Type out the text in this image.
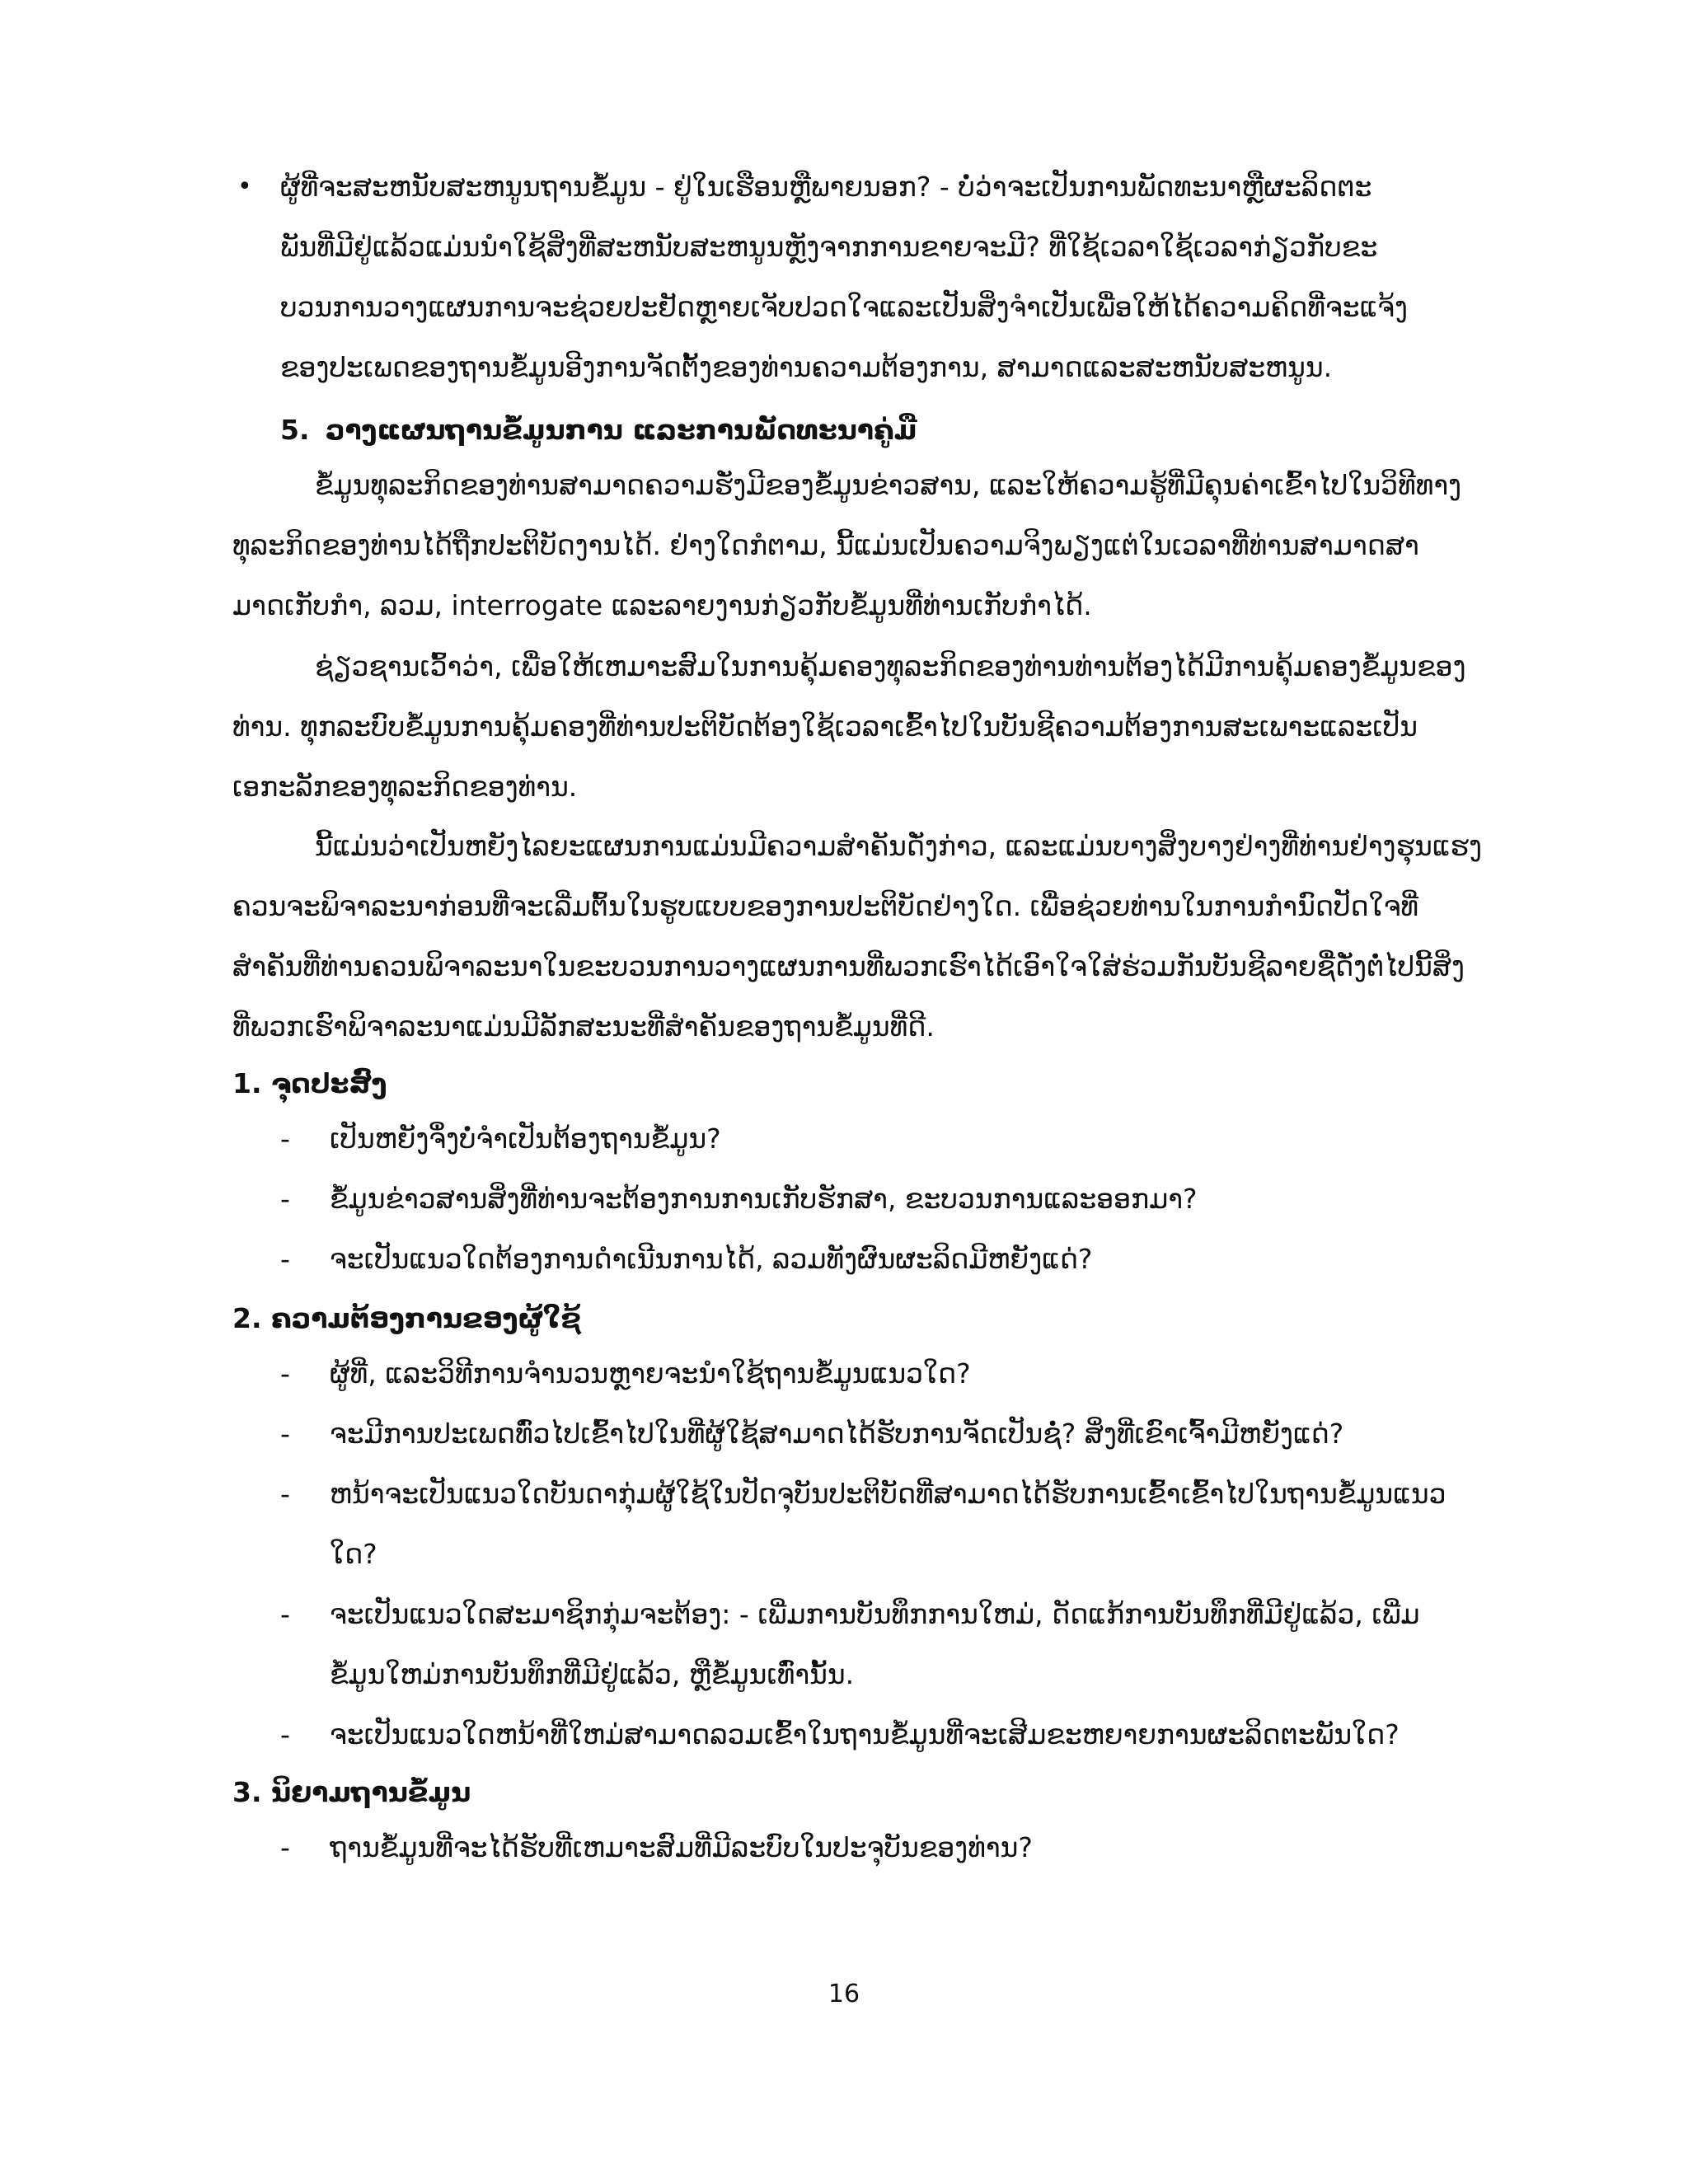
• ຜູ້ທີ່ຈະສະຫນັບສະຫນູນຖານຂໍ້ມູນ - ຢູ່ໃນເຮືອນຫຼືພາຍນອກ? - ບໍ່ວ່າຈະເປັນການພັດທະນາຫຼືຜະລິດຕະ

ພັນທີ່ມີຢູ່ແລ້ວແມ່ນນໍາໃຊ້ສິ່ງທີ່ສະຫນັບສະຫນູນຫຼັງຈາກການຂາຍຈະມີ? ທີ່ໃຊ້ເວລາໃຊ້ເວລາກ່ຽວກັບຂະ

ບວນການວາງແຜນການຈະຊ່ວຍປະຢັດຫຼາຍເຈັບປວດໃຈແລະເປັນສິ່ງຈໍາເປັນເພື່ອໃຫ້ໄດ້ຄວາມຄິດທີ່ຈະແຈ້ງ

ຂອງປະເພດຂອງຖານຂໍ້ມູນອີງການຈັດຕັ້ງຂອງທ່ານຄວາມຕ້ອງການ, ສາມາດແລະສະຫນັບສະຫນູນ.

5. ວາງແຜນຖານຂໍ້ມູນການ ແລະການພັດທະນາຄູ່ມື

ຂໍ້ມູນທຸລະກິດຂອງທ່ານສາມາດຄວາມຮັ່ງມີຂອງຂໍ້ມູນຂ່າວສານ, ແລະໃຫ້ຄວາມຮູ້ທີ່ມີຄຸນຄ່າເຂົ້າໄປໃນວິທີທາງ

ທຸລະກິດຂອງທ່ານໄດ້ຖືກປະຕິບັດງານໄດ້. ຢ່າງໃດກໍຕາມ, ນີ້ແມ່ນເປັນຄວາມຈິງພຽງແຕ່ໃນເວລາທີ່ທ່ານສາມາດສາ

ມາດເກັບກໍາ, ລວມ, interrogate ແລະລາຍງານກ່ຽວກັບຂໍ້ມູນທີ່ທ່ານເກັບກໍາໄດ້.

ຊ່ຽວຊານເວົ້າວ່າ, ເພື່ອໃຫ້ເຫມາະສົມໃນການຄຸ້ມຄອງທຸລະກິດຂອງທ່ານທ່ານຕ້ອງໄດ້ມີການຄຸ້ມຄອງຂໍ້ມູນຂອງ

ທ່ານ. ທຸກລະບົບຂໍ້ມູນການຄຸ້ມຄອງທີ່ທ່ານປະຕິບັດຕ້ອງໃຊ້ເວລາເຂົ້າໄປໃນບັນຊີຄວາມຕ້ອງການສະເພາະແລະເປັນ

ເອກະລັກຂອງທຸລະກິດຂອງທ່ານ.

ນີ້ແມ່ນວ່າເປັນຫຍັງໄລຍະແຜນການແມ່ນມີຄວາມສໍາຄັນດັ່ງກ່າວ, ແລະແມ່ນບາງສິ່ງບາງຢ່າງທີ່ທ່ານຢ່າງຮຸນແຮງ

ຄວນຈະພິຈາລະນາກ່ອນທີ່ຈະເລີ່ມຕົ້ນໃນຮູບແບບຂອງການປະຕິບັດຢ່າງໃດ. ເພື່ອຊ່ວຍທ່ານໃນການກໍານົດປັດໃຈທີ່

ສໍາຄັນທີ່ທ່ານຄວນພິຈາລະນາໃນຂະບວນການວາງແຜນການທີ່ພວກເຮົາໄດ້ເອົາໃຈໃສ່ຮ່ວມກັນບັນຊີລາຍຊື່ດັ່ງຕໍ່ໄປນີ້ສິ່ງ

ທີ່ພວກເຮົາພິຈາລະນາແມ່ນມີລັກສະນະທີ່ສໍາຄັນຂອງຖານຂໍ້ມູນທີ່ດີ.

1. ຈຸດປະສົງ
- ເປັນຫຍັງຈຶ່ງບໍ່ຈໍາເປັນຕ້ອງຖານຂໍ້ມູນ?
- ຂໍ້ມູນຂ່າວສານສິ່ງທີ່ທ່ານຈະຕ້ອງການການເກັບຮັກສາ, ຂະບວນການແລະອອກມາ?
- ຈະເປັນແນວໃດຕ້ອງການດໍາເນີນການໄດ້, ລວມທັງຜົນຜະລິດມີຫຍັງແດ່?
2. ຄວາມຕ້ອງການຂອງຜູ້ໃຊ້
- ຜູ້ທີ່, ແລະວິທີການຈໍານວນຫຼາຍຈະນໍາໃຊ້ຖານຂໍ້ມູນແນວໃດ?
- ຈະມີການປະເພດທົ່ວໄປເຂົ້າໄປໃນທີ່ຜູ້ໃຊ້ສາມາດໄດ້ຮັບການຈັດເປັນຊໍ່? ສິ່ງທີ່ເຂົາເຈົ້າມີຫຍັງແດ່?
- ຫນ້າຈະເປັນແນວໃດບັນດາກຸ່ມຜູ້ໃຊ້ໃນປັດຈຸບັນປະຕິບັດທີ່ສາມາດໄດ້ຮັບການເຂົ້າເຂົ້າໄປໃນຖານຂໍ້ມູນແນວ
ໃດ?
- ຈະເປັນແນວໃດສະມາຊິກກຸ່ມຈະຕ້ອງ: - ເພີ່ມການບັນທຶກການໃຫມ່, ດັດແກ້ການບັນທຶກທີ່ມີຢູ່ແລ້ວ, ເພີ່ມ
ຂໍ້ມູນໃຫມ່ການບັນທຶກທີ່ມີຢູ່ແລ້ວ, ຫຼືຂໍ້ມູນເທົ່ານັ້ນ.
- ຈະເປັນແນວໃດຫນ້າທີ່ໃຫມ່ສາມາດລວມເຂົ້າໃນຖານຂໍ້ມູນທີ່ຈະເສີມຂະຫຍາຍການຜະລິດຕະພັນໃດ?
3. ນິຍາມຖານຂໍ້ມູນ
- ຖານຂໍ້ມູນທີ່ຈະໄດ້ຮັບທີ່ເຫມາະສົມທີ່ມີລະບົບໃນປະຈຸບັນຂອງທ່ານ?
16
